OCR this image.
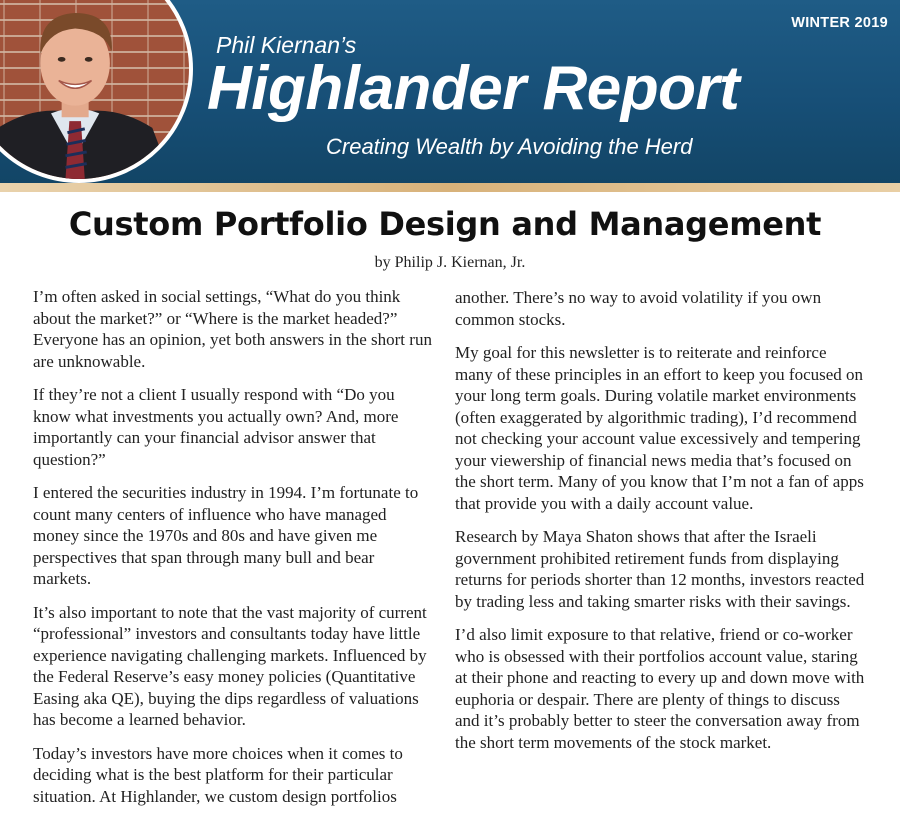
WINTER 2019
Phil Kiernan’s
Highlander Report
Creating Wealth by Avoiding the Herd
Custom Portfolio Design and Management
by Philip J. Kiernan, Jr.

I’m often asked in social settings, “What do you think about the market?” or “Where is the market headed?” Everyone has an opinion, yet both answers in the short run are unknowable.

If they’re not a client I usually respond with “Do you know what investments you actually own? And, more importantly can your financial advisor answer that question?”

I entered the securities industry in 1994. I’m fortunate to count many centers of influence who have managed money since the 1970s and 80s and have given me perspectives that span through many bull and bear markets.

It’s also important to note that the vast majority of current “professional” investors and consultants today have little experience navigating challenging markets. Influenced by the Federal Reserve’s easy money policies (Quantitative Easing aka QE), buying the dips regardless of valuations has become a learned behavior.

Today’s investors have more choices when it comes to deciding what is the best platform for their particular situation. At Highlander, we custom design portfolios

another. There’s no way to avoid volatility if you own common stocks.

My goal for this newsletter is to reiterate and reinforce many of these principles in an effort to keep you focused on your long term goals. During volatile market environments (often exaggerated by algorithmic trading), I’d recommend not checking your account value excessively and tempering your viewership of financial news media that’s focused on the short term. Many of you know that I’m not a fan of apps that provide you with a daily account value.

Research by Maya Shaton shows that after the Israeli government prohibited retirement funds from displaying returns for periods shorter than 12 months, investors reacted by trading less and taking smarter risks with their savings.

I’d also limit exposure to that relative, friend or co-worker who is obsessed with their portfolios account value, staring at their phone and reacting to every up and down move with euphoria or despair. There are plenty of things to discuss and it’s probably better to steer the conversation away from the short term movements of the stock market.
